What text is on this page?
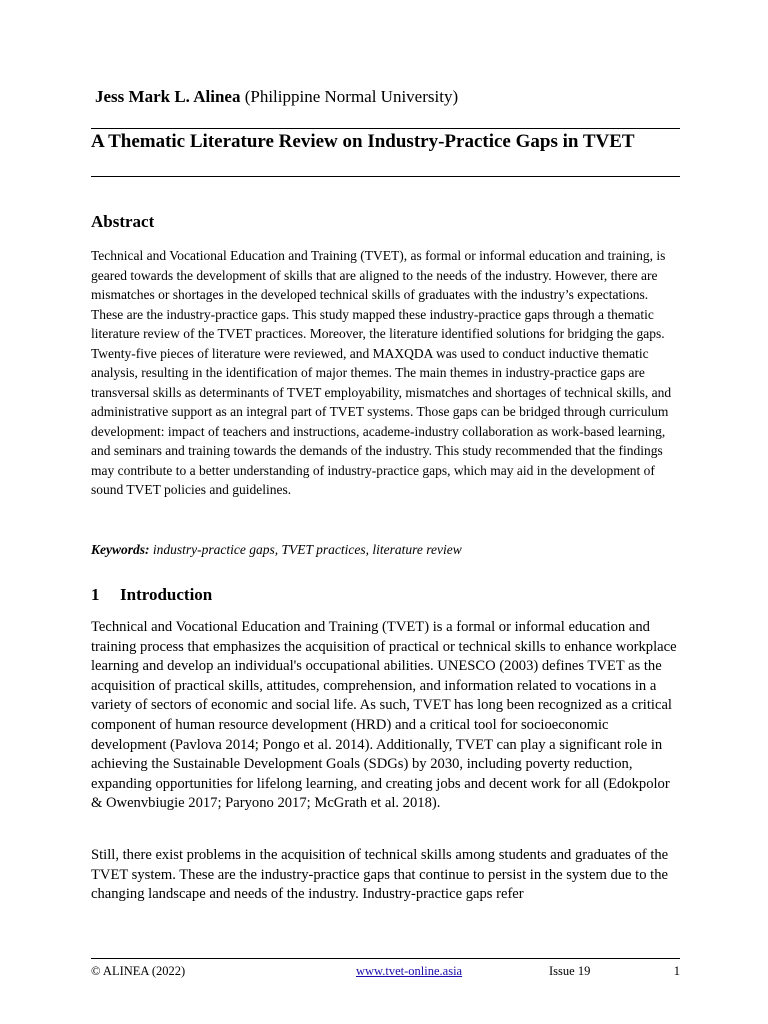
Jess Mark L. Alinea (Philippine Normal University)
A Thematic Literature Review on Industry-Practice Gaps in TVET
Abstract

Technical and Vocational Education and Training (TVET), as formal or informal education and training, is geared towards the development of skills that are aligned to the needs of the industry. However, there are mismatches or shortages in the developed technical skills of graduates with the industry’s expectations. These are the industry-practice gaps. This study mapped these industry-practice gaps through a thematic literature review of the TVET practices. Moreover, the literature identified solutions for bridging the gaps. Twenty-five pieces of literature were reviewed, and MAXQDA was used to conduct inductive thematic analysis, resulting in the identification of major themes. The main themes in industry-practice gaps are transversal skills as determinants of TVET employability, mismatches and shortages of technical skills, and administrative support as an integral part of TVET systems. Those gaps can be bridged through curriculum development: impact of teachers and instructions, academe-industry collaboration as work-based learning, and seminars and training towards the demands of the industry. This study recommended that the findings may contribute to a better understanding of industry-practice gaps, which may aid in the development of sound TVET policies and guidelines.

Keywords: industry-practice gaps, TVET practices, literature review

1 Introduction

Technical and Vocational Education and Training (TVET) is a formal or informal education and training process that emphasizes the acquisition of practical or technical skills to enhance workplace learning and develop an individual's occupational abilities. UNESCO (2003) defines TVET as the acquisition of practical skills, attitudes, comprehension, and information related to vocations in a variety of sectors of economic and social life. As such, TVET has long been recognized as a critical component of human resource development (HRD) and a critical tool for socioeconomic development (Pavlova 2014; Pongo et al. 2014). Additionally, TVET can play a significant role in achieving the Sustainable Development Goals (SDGs) by 2030, including poverty reduction, expanding opportunities for lifelong learning, and creating jobs and decent work for all (Edokpolor & Owenvbiugie 2017; Paryono 2017; McGrath et al. 2018).

Still, there exist problems in the acquisition of technical skills among students and graduates of the TVET system. These are the industry-practice gaps that continue to persist in the system due to the changing landscape and needs of the industry. Industry-practice gaps refer

© ALINEA (2022)	www.tvet-online.asia	Issue 19	1
